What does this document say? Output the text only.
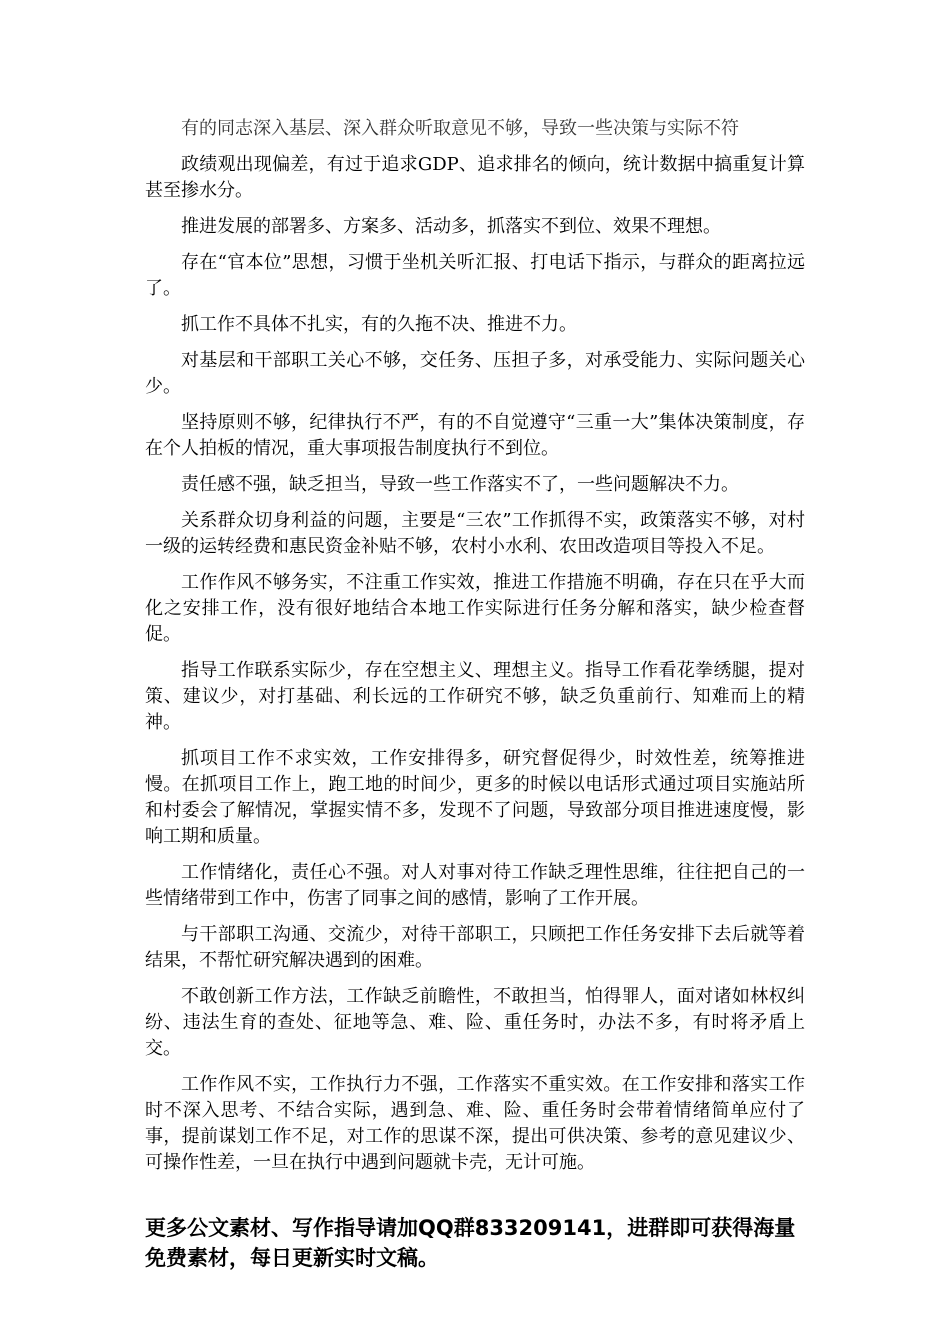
有的同志深入基层、深入群众听取意见不够，导致一些决策与实际不符

政绩观出现偏差，有过于追求GDP、追求排名的倾向，统计数据中搞重复计算甚至掺水分。

推进发展的部署多、方案多、活动多，抓落实不到位、效果不理想。

存在“官本位”思想，习惯于坐机关听汇报、打电话下指示，与群众的距离拉远了。

抓工作不具体不扎实，有的久拖不决、推进不力。

对基层和干部职工关心不够，交任务、压担子多，对承受能力、实际问题关心少。

坚持原则不够，纪律执行不严，有的不自觉遵守“三重一大”集体决策制度，存在个人拍板的情况，重大事项报告制度执行不到位。

责任感不强，缺乏担当，导致一些工作落实不了，一些问题解决不力。

关系群众切身利益的问题，主要是“三农”工作抓得不实，政策落实不够，对村一级的运转经费和惠民资金补贴不够，农村小水利、农田改造项目等投入不足。

工作作风不够务实，不注重工作实效，推进工作措施不明确，存在只在乎大而化之安排工作，没有很好地结合本地工作实际进行任务分解和落实，缺少检查督促。

指导工作联系实际少，存在空想主义、理想主义。指导工作看花拳绣腿，提对策、建议少，对打基础、利长远的工作研究不够，缺乏负重前行、知难而上的精神。

抓项目工作不求实效，工作安排得多，研究督促得少，时效性差，统筹推进慢。在抓项目工作上，跑工地的时间少，更多的时候以电话形式通过项目实施站所和村委会了解情况，掌握实情不多，发现不了问题，导致部分项目推进速度慢，影响工期和质量。

工作情绪化，责任心不强。对人对事对待工作缺乏理性思维，往往把自己的一些情绪带到工作中，伤害了同事之间的感情，影响了工作开展。

与干部职工沟通、交流少，对待干部职工，只顾把工作任务安排下去后就等着结果，不帮忙研究解决遇到的困难。

不敢创新工作方法，工作缺乏前瞻性，不敢担当，怕得罪人，面对诸如林权纠纷、违法生育的查处、征地等急、难、险、重任务时，办法不多，有时将矛盾上交。

工作作风不实，工作执行力不强，工作落实不重实效。在工作安排和落实工作时不深入思考、不结合实际，遇到急、难、险、重任务时会带着情绪简单应付了事，提前谋划工作不足，对工作的思谋不深，提出可供决策、参考的意见建议少、可操作性差，一旦在执行中遇到问题就卡壳，无计可施。

更多公文素材、写作指导请加QQ群833209141，进群即可获得海量免费素材，每日更新实时文稿。
